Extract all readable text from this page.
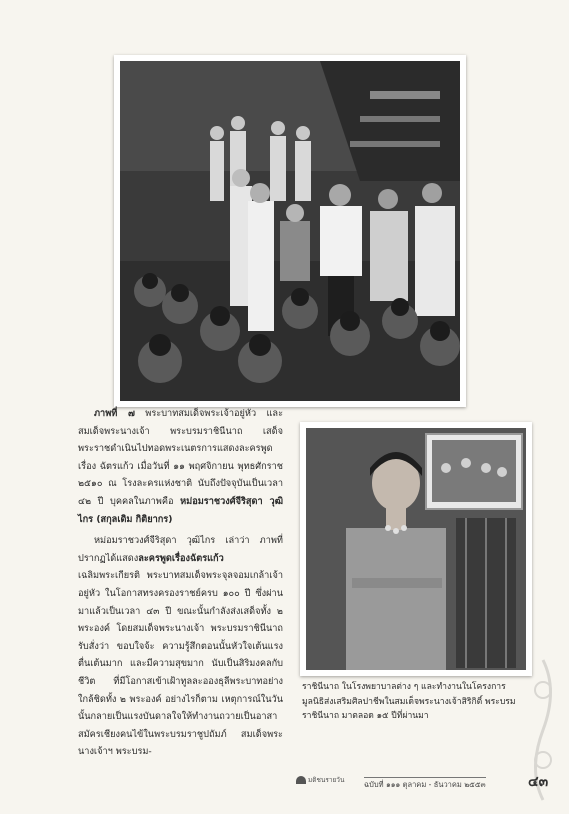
ภาพที่ ๗ พระบาทสมเด็จพระเจ้าอยู่หัว และสมเด็จพระนางเจ้า พระบรมราชินีนาถ เสด็จพระราชดำเนินไปทอดพระเนตรการแสดงละครพูด เรื่อง ฉัตรแก้ว เมื่อวันที่ ๑๑ พฤศจิกายน พุทธศักราช ๒๕๑๐ ณ โรงละครแห่งชาติ นับถึงปัจจุบันเป็นเวลา ๔๒ ปี บุคคลในภาพคือ หม่อมราชวงศ์จีริสุดา วุฒิไกร (สกุลเดิม กิติยากร)

หม่อมราชวงศ์จีริสุดา วุฒิไกร เล่าว่า ภาพที่ปรากฏได้แสดงละครพูดเรื่องฉัตรแก้ว เฉลิมพระเกียรติ พระบาทสมเด็จพระจุลจอมเกล้าเจ้าอยู่หัว ในโอกาสทรงครองราชย์ครบ ๑๐๐ ปี ซึ่งผ่านมาแล้วเป็นเวลา ๔๓ ปี ขณะนั้นกำลังส่งเสด็จทั้ง ๒ พระองค์ โดยสมเด็จพระนางเจ้า พระบรมราชินีนาถ รับสั่งว่า ขอบใจจ้ะ ความรู้สึกตอนนั้นหัวใจเต้นแรง ตื่นเต้นมาก และมีความสุขมาก นับเป็นสิริมงคลกับชีวิต ที่มีโอกาสเข้าเฝ้าทูลละอองธุลีพระบาทอย่างใกล้ชิดทั้ง ๒ พระองค์ อย่างไรก็ตาม เหตุการณ์ในวันนั้นกลายเป็นแรงบันดาลใจให้ทำงานถวายเป็นอาสาสมัครเชียงคนไข้ในพระบรมราชูปถัมภ์ สมเด็จพระนางเจ้าฯ พระบรม-

ราชินีนาถ ในโรงพยาบาลต่าง ๆ และทำงานในโครงการมูลนิธิส่งเสริมศิลปาชีพในสมเด็จพระนางเจ้าสิริกิติ์ พระบรมราชินีนาถ มาตลอด ๑๕ ปีที่ผ่านมา
มติชนรายวัน	ฉบับที่ ๑๑๑ ตุลาคม - ธันวาคม ๒๕๕๓	๔๓
